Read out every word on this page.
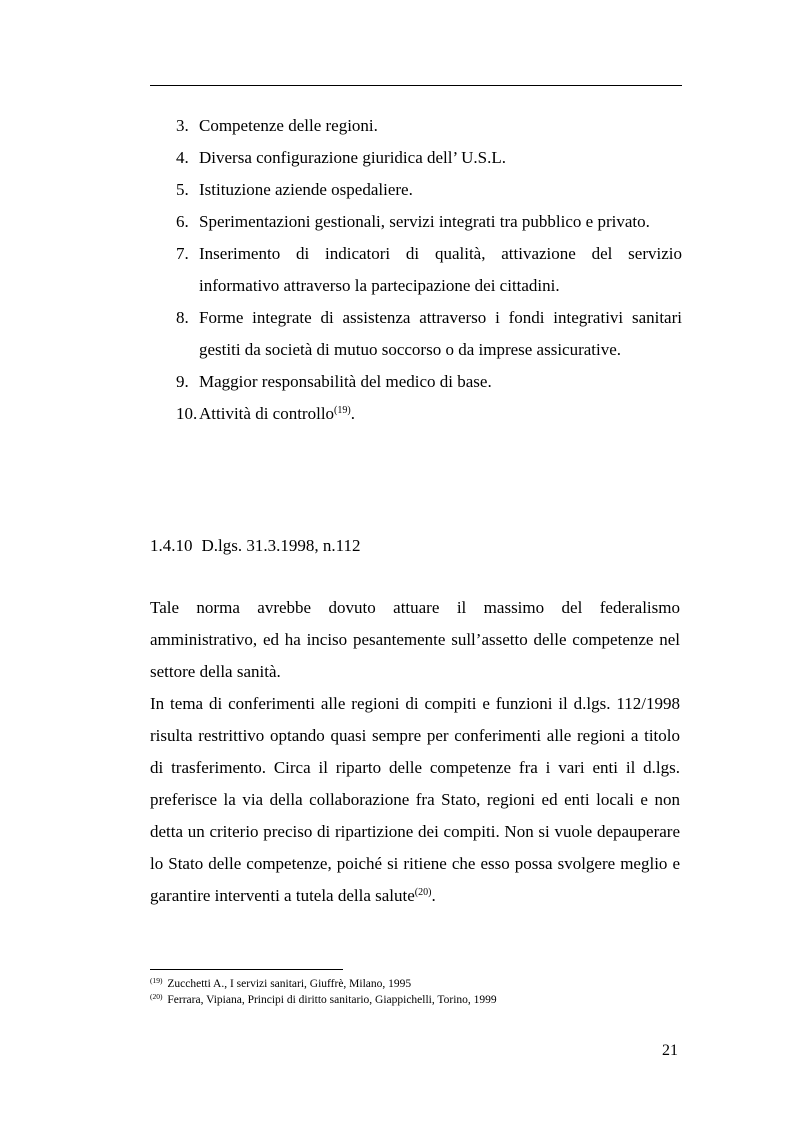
3. Competenze delle regioni.
4. Diversa configurazione giuridica dell’ U.S.L.
5. Istituzione aziende ospedaliere.
6. Sperimentazioni gestionali, servizi integrati tra pubblico e privato.
7. Inserimento di indicatori di qualità, attivazione del servizio informativo attraverso la partecipazione dei cittadini.
8. Forme integrate di assistenza attraverso i fondi integrativi sanitari gestiti da società di mutuo soccorso o da imprese assicurative.
9. Maggior responsabilità del medico di base.
10. Attività di controllo$^{(19)}$.
1.4.10 D.lgs. 31.3.1998, n.112

Tale norma avrebbe dovuto attuare il massimo del federalismo amministrativo, ed ha inciso pesantemente sull’assetto delle competenze nel settore della sanità.

In tema di conferimenti alle regioni di compiti e funzioni il d.lgs. 112/1998 risulta restrittivo optando quasi sempre per conferimenti alle regioni a titolo di trasferimento. Circa il riparto delle competenze fra i vari enti il d.lgs. preferisce la via della collaborazione fra Stato, regioni ed enti locali e non detta un criterio preciso di ripartizione dei compiti. Non si vuole depauperare lo Stato delle competenze, poiché si ritiene che esso possa svolgere meglio e garantire interventi a tutela della salute$^{(20)}$.

$^{(19)}$ Zucchetti A., I servizi sanitari, Giuffrè, Milano, 1995
$^{(20)}$ Ferrara, Vipiana, Principi di diritto sanitario, Giappichelli, Torino, 1999
21
